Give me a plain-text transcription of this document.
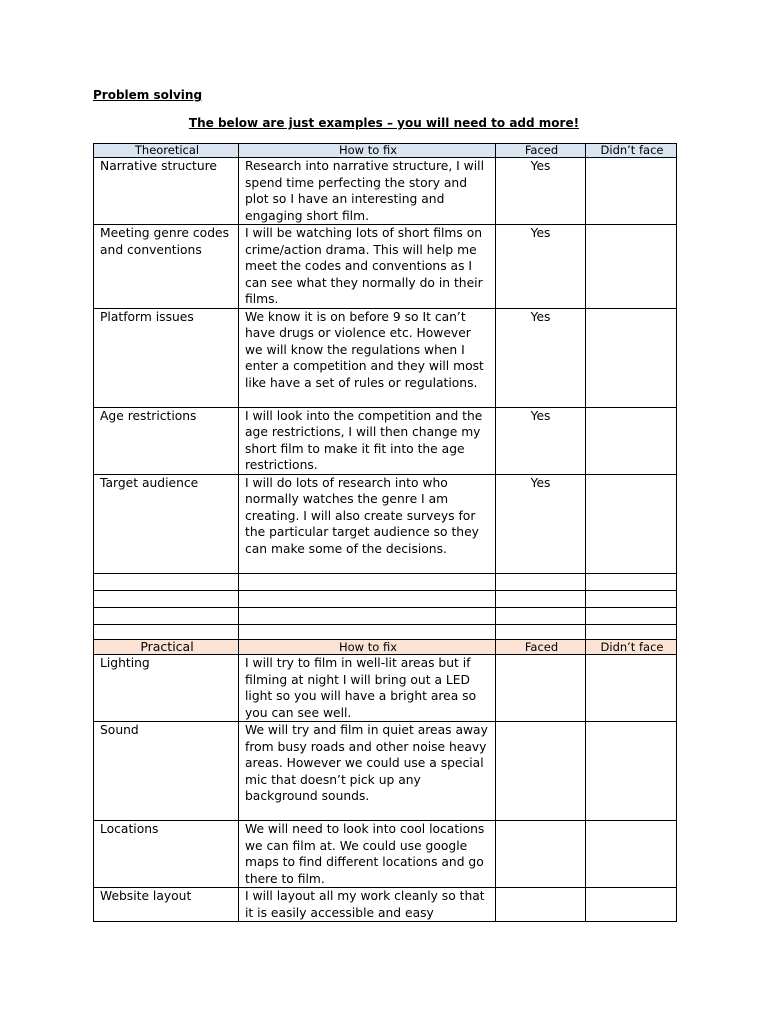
Problem solving
The below are just examples – you will need to add more!
Theoretical	How to fix	Faced	Didn’t face
Narrative structure	Research into narrative structure, I will spend time perfecting the story and plot so I have an interesting and engaging short film.	Yes	
Meeting genre codes and conventions	I will be watching lots of short films on crime/action drama. This will help me meet the codes and conventions as I can see what they normally do in their films.	Yes	
Platform issues	We know it is on before 9 so It can’t have drugs or violence etc. However we will know the regulations when I enter a competition and they will most like have a set of rules or regulations.	Yes	
Age restrictions	I will look into the competition and the age restrictions, I will then change my short film to make it fit into the age restrictions.	Yes	
Target audience	I will do lots of research into who normally watches the genre I am creating. I will also create surveys for the particular target audience so they can make some of the decisions.	Yes	

Practical	How to fix	Faced	Didn’t face
Lighting	I will try to film in well-lit areas but if filming at night I will bring out a LED light so you will have a bright area so you can see well.		
Sound	We will try and film in quiet areas away from busy roads and other noise heavy areas. However we could use a special mic that doesn’t pick up any background sounds.		
Locations	We will need to look into cool locations we can film at. We could use google maps to find different locations and go there to film.		
Website layout	I will layout all my work cleanly so that it is easily accessible and easy		
